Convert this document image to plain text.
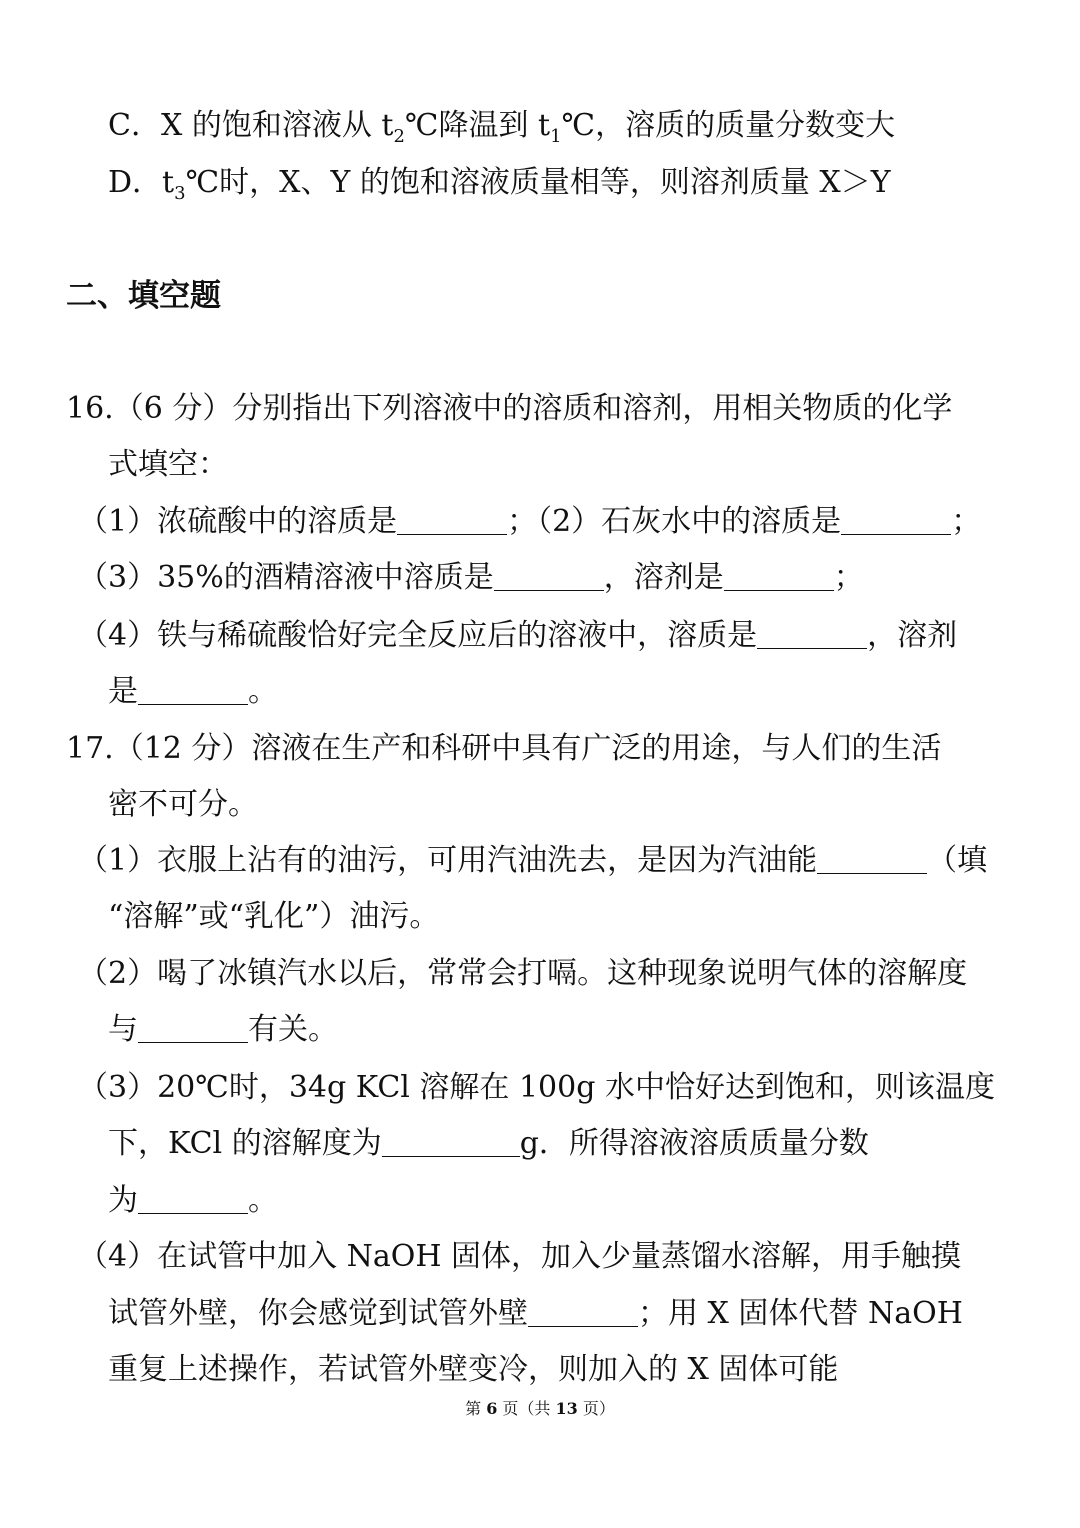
C．X 的饱和溶液从 $t_2℃$降温到 $t_1℃$，溶质的质量分数变大
D．$t_3℃$时，X、Y 的饱和溶液质量相等，则溶剂质量 X＞Y
二、填空题
16.（6 分）分别指出下列溶液中的溶质和溶剂，用相关物质的化学
式填空：
（1）浓硫酸中的溶质是	；（2）石灰水中的溶质是	；
（3）35%的酒精溶液中溶质是	，溶剂是	；
（4）铁与稀硫酸恰好完全反应后的溶液中，溶质是	，溶剂
是	。
17.（12 分）溶液在生产和科研中具有广泛的用途，与人们的生活
密不可分。
（1）衣服上沾有的油污，可用汽油洗去，是因为汽油能	（填
“溶解”或“乳化”）油污。
（2）喝了冰镇汽水以后，常常会打嗝。这种现象说明气体的溶解度
与	有关。
（3）20℃时，34g KCl 溶解在 100g 水中恰好达到饱和，则该温度
下，KCl 的溶解度为	g．所得溶液溶质质量分数
为	。
（4）在试管中加入 NaOH 固体，加入少量蒸馏水溶解，用手触摸
试管外壁，你会感觉到试管外壁	；用 X 固体代替 NaOH
重复上述操作，若试管外壁变冷，则加入的 X 固体可能
第 6 页（共 13 页）
